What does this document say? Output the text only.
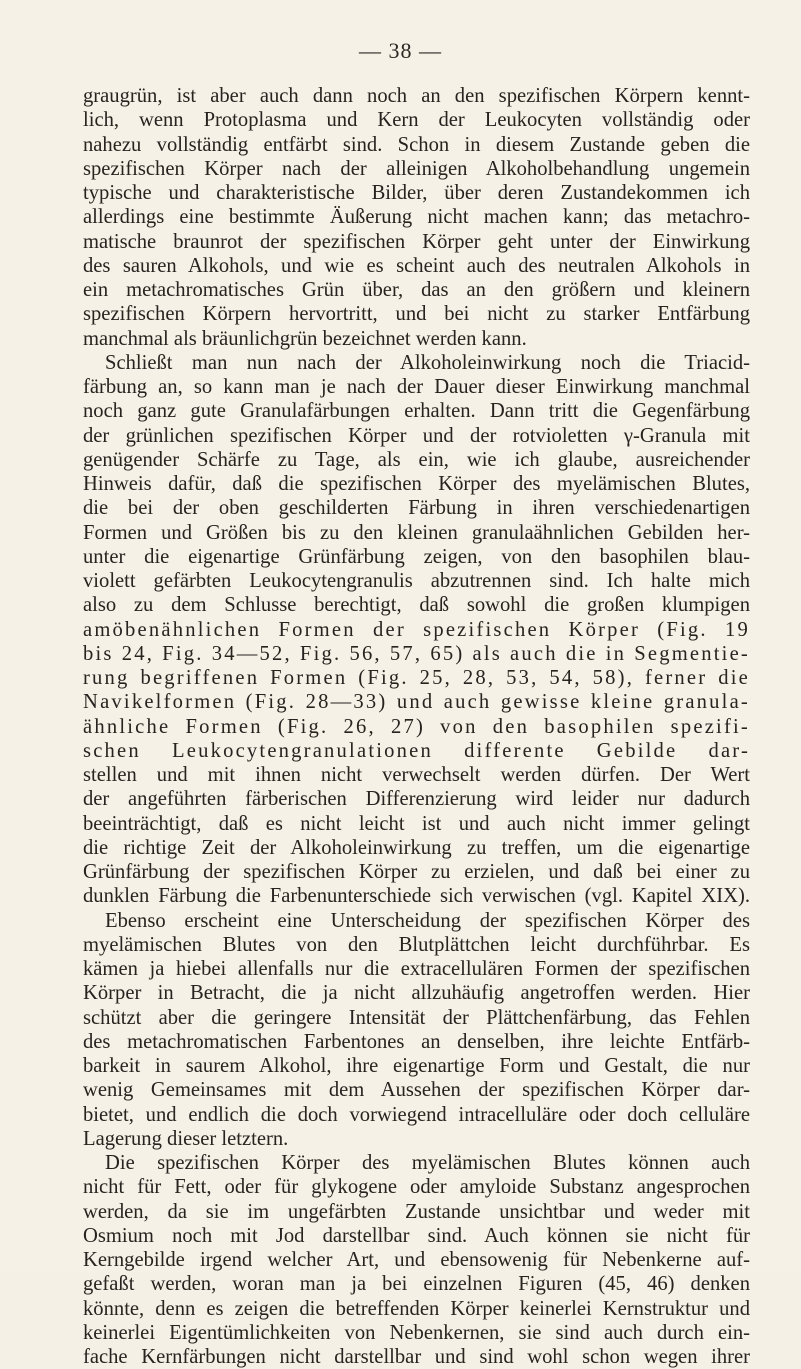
— 38 —
graugrün, ist aber auch dann noch an den spezifischen Körpern kennt-
lich, wenn Protoplasma und Kern der Leukocyten vollständig oder
nahezu vollständig entfärbt sind. Schon in diesem Zustande geben die
spezifischen Körper nach der alleinigen Alkoholbehandlung ungemein
typische und charakteristische Bilder, über deren Zustandekommen ich
allerdings eine bestimmte Äußerung nicht machen kann; das metachro-
matische braunrot der spezifischen Körper geht unter der Einwirkung
des sauren Alkohols, und wie es scheint auch des neutralen Alkohols in
ein metachromatisches Grün über, das an den größern und kleinern
spezifischen Körpern hervortritt, und bei nicht zu starker Entfärbung
manchmal als bräunlichgrün bezeichnet werden kann.
Schließt man nun nach der Alkoholeinwirkung noch die Triacid-
färbung an, so kann man je nach der Dauer dieser Einwirkung manchmal
noch ganz gute Granulafärbungen erhalten. Dann tritt die Gegenfärbung
der grünlichen spezifischen Körper und der rotvioletten γ-Granula mit
genügender Schärfe zu Tage, als ein, wie ich glaube, ausreichender
Hinweis dafür, daß die spezifischen Körper des myelämischen Blutes,
die bei der oben geschilderten Färbung in ihren verschiedenartigen
Formen und Größen bis zu den kleinen granulaähnlichen Gebilden her-
unter die eigenartige Grünfärbung zeigen, von den basophilen blau-
violett gefärbten Leukocytengranulis abzutrennen sind. Ich halte mich
also zu dem Schlusse berechtigt, daß sowohl die großen klumpigen
amöbenähnlichen Formen der spezifischen Körper (Fig. 19
bis 24, Fig. 34—52, Fig. 56, 57, 65) als auch die in Segmentie-
rung begriffenen Formen (Fig. 25, 28, 53, 54, 58), ferner die
Navikelformen (Fig. 28—33) und auch gewisse kleine granula-
ähnliche Formen (Fig. 26, 27) von den basophilen spezifi-
schen Leukocytengranulationen differente Gebilde dar-
stellen und mit ihnen nicht verwechselt werden dürfen. Der Wert
der angeführten färberischen Differenzierung wird leider nur dadurch
beeinträchtigt, daß es nicht leicht ist und auch nicht immer gelingt
die richtige Zeit der Alkoholeinwirkung zu treffen, um die eigenartige
Grünfärbung der spezifischen Körper zu erzielen, und daß bei einer zu
dunklen Färbung die Farbenunterschiede sich verwischen (vgl. Kapitel XIX).
Ebenso erscheint eine Unterscheidung der spezifischen Körper des
myelämischen Blutes von den Blutplättchen leicht durchführbar. Es
kämen ja hiebei allenfalls nur die extracellulären Formen der spezifischen
Körper in Betracht, die ja nicht allzuhäufig angetroffen werden. Hier
schützt aber die geringere Intensität der Plättchenfärbung, das Fehlen
des metachromatischen Farbentones an denselben, ihre leichte Entfärb-
barkeit in saurem Alkohol, ihre eigenartige Form und Gestalt, die nur
wenig Gemeinsames mit dem Aussehen der spezifischen Körper dar-
bietet, und endlich die doch vorwiegend intracelluläre oder doch celluläre
Lagerung dieser letztern.
Die spezifischen Körper des myelämischen Blutes können auch
nicht für Fett, oder für glykogene oder amyloide Substanz angesprochen
werden, da sie im ungefärbten Zustande unsichtbar und weder mit
Osmium noch mit Jod darstellbar sind. Auch können sie nicht für
Kerngebilde irgend welcher Art, und ebensowenig für Nebenkerne auf-
gefaßt werden, woran man ja bei einzelnen Figuren (45, 46) denken
könnte, denn es zeigen die betreffenden Körper keinerlei Kernstruktur und
keinerlei Eigentümlichkeiten von Nebenkernen, sie sind auch durch ein-
fache Kernfärbungen nicht darstellbar und sind wohl schon wegen ihrer
